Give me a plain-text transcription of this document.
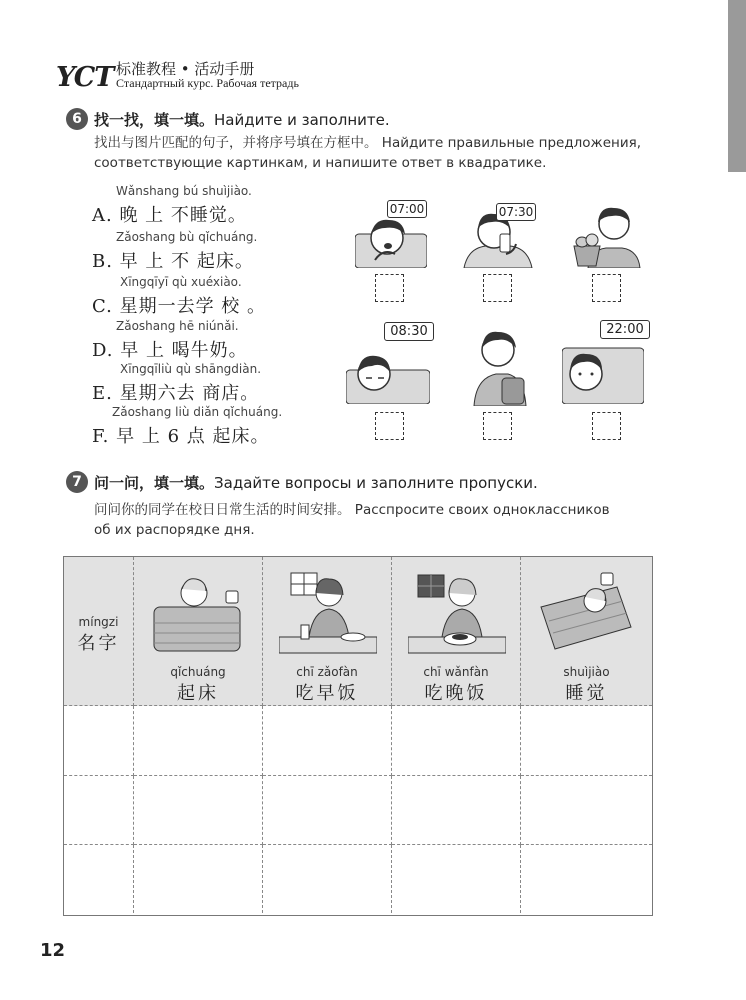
YCT 标准教程 • 活动手册
Стандартный курс. Рабочая тетрадь
6 找一找，填一填。Найдите и заполните.
找出与图片匹配的句子，并将序号填在方框中。 Найдите правильные предложения,
соответствующие картинкам, и напишите ответ в квадратике.
Wǎnshang bú shuìjiào.
A. 晚 上 不睡觉。
Zǎoshang bù qǐchuáng.
B. 早 上 不 起床。
Xīngqīyī qù xuéxiào.
C. 星期一去学 校 。
Zǎoshang hē niúnǎi.
D. 早 上 喝牛奶。
Xīngqīliù qù shāngdiàn.
E. 星期六去 商店。
Zǎoshang liù diǎn qǐchuáng.
F. 早 上 6 点 起床。
07:00	07:30
08:30	22:00
7 问一问，填一填。Задайте вопросы и заполните пропуски.
问问你的同学在校日日常生活的时间安排。 Расспросите своих одноклассников
об их распорядке дня.
míngzi
名字
qǐchuáng
起床
chī zǎofàn
吃早饭
chī wǎnfàn
吃晚饭
shuìjiào
睡觉
12
